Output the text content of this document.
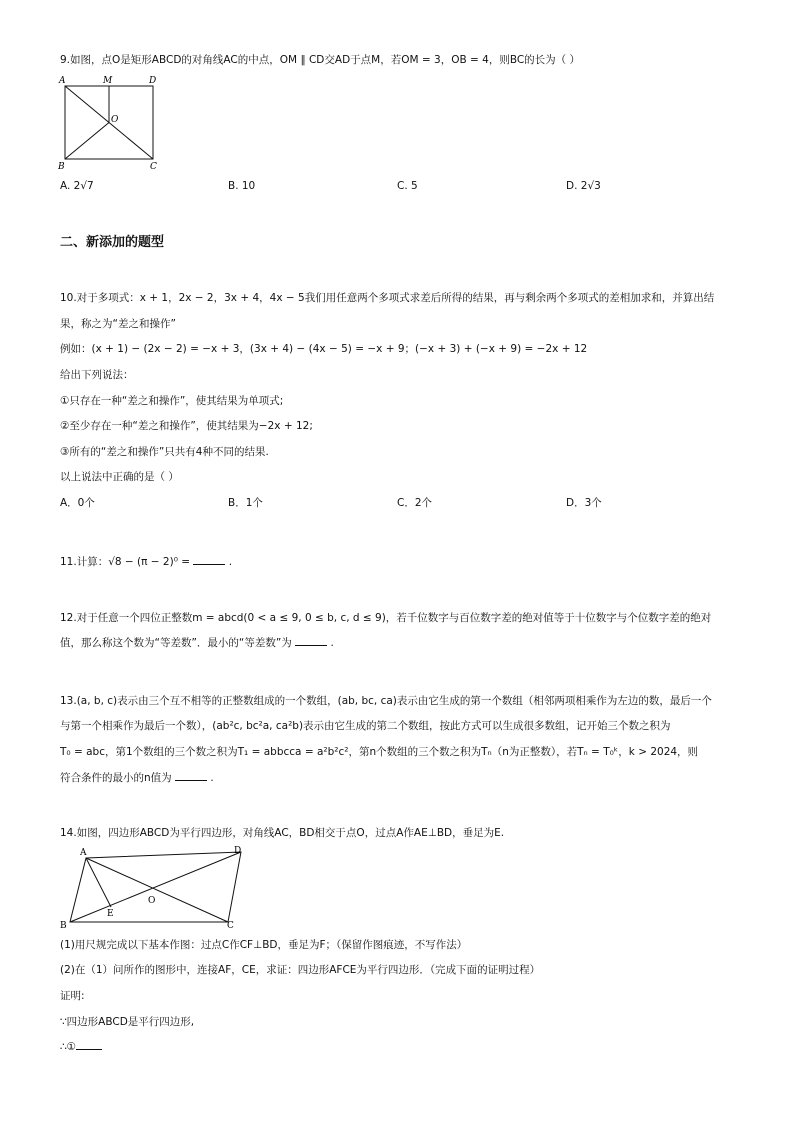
9.如图，点O是矩形ABCD的对角线AC的中点，OM ∥ CD交AD于点M，若OM = 3，OB = 4，则BC的长为（ ）
A	M	D
O
B	C
A. 2√7	B. 10	C. 5	D. 2√3
二、新添加的题型
10.对于多项式：x + 1，2x − 2，3x + 4，4x − 5我们用任意两个多项式求差后所得的结果，再与剩余两个多项式的差相加求和，并算出结
果，称之为“差之和操作”
例如：(x + 1) − (2x − 2) = −x + 3，(3x + 4) − (4x − 5) = −x + 9；(−x + 3) + (−x + 9) = −2x + 12
给出下列说法：
①只存在一种“差之和操作”，使其结果为单项式;
②至少存在一种“差之和操作”，使其结果为−2x + 12;
③所有的“差之和操作”只共有4种不同的结果.
以上说法中正确的是（ ）
A．0个	B．1个	C．2个	D．3个
11.计算：√8 − (π − 2)⁰ =	.
12.对于任意一个四位正整数m = abcd(0 < a ≤ 9, 0 ≤ b, c, d ≤ 9)，若千位数字与百位数字差的绝对值等于十位数字与个位数字差的绝对
值，那么称这个数为“等差数”．最小的“等差数”为	.
13.(a, b, c)表示由三个互不相等的正整数组成的一个数组，(ab, bc, ca)表示由它生成的第一个数组（相邻两项相乘作为左边的数，最后一个
与第一个相乘作为最后一个数），(ab²c, bc²a, ca²b)表示由它生成的第二个数组，按此方式可以生成很多数组，记开始三个数之积为
T₀ = abc，第1个数组的三个数之积为T₁ = abbcca = a²b²c²，第n个数组的三个数之积为Tₙ（n为正整数），若Tₙ = T₀ᵏ，k > 2024，则
符合条件的最小的n值为	.
14.如图，四边形ABCD为平行四边形，对角线AC，BD相交于点O，过点A作AE⊥BD，垂足为E.
A	D
O
E
B	C
(1)用尺规完成以下基本作图：过点C作CF⊥BD，垂足为F；（保留作图痕迹，不写作法）
(2)在（1）问所作的图形中，连接AF，CE，求证：四边形AFCE为平行四边形．（完成下面的证明过程）
证明:
∵四边形ABCD是平行四边形,
∴①
